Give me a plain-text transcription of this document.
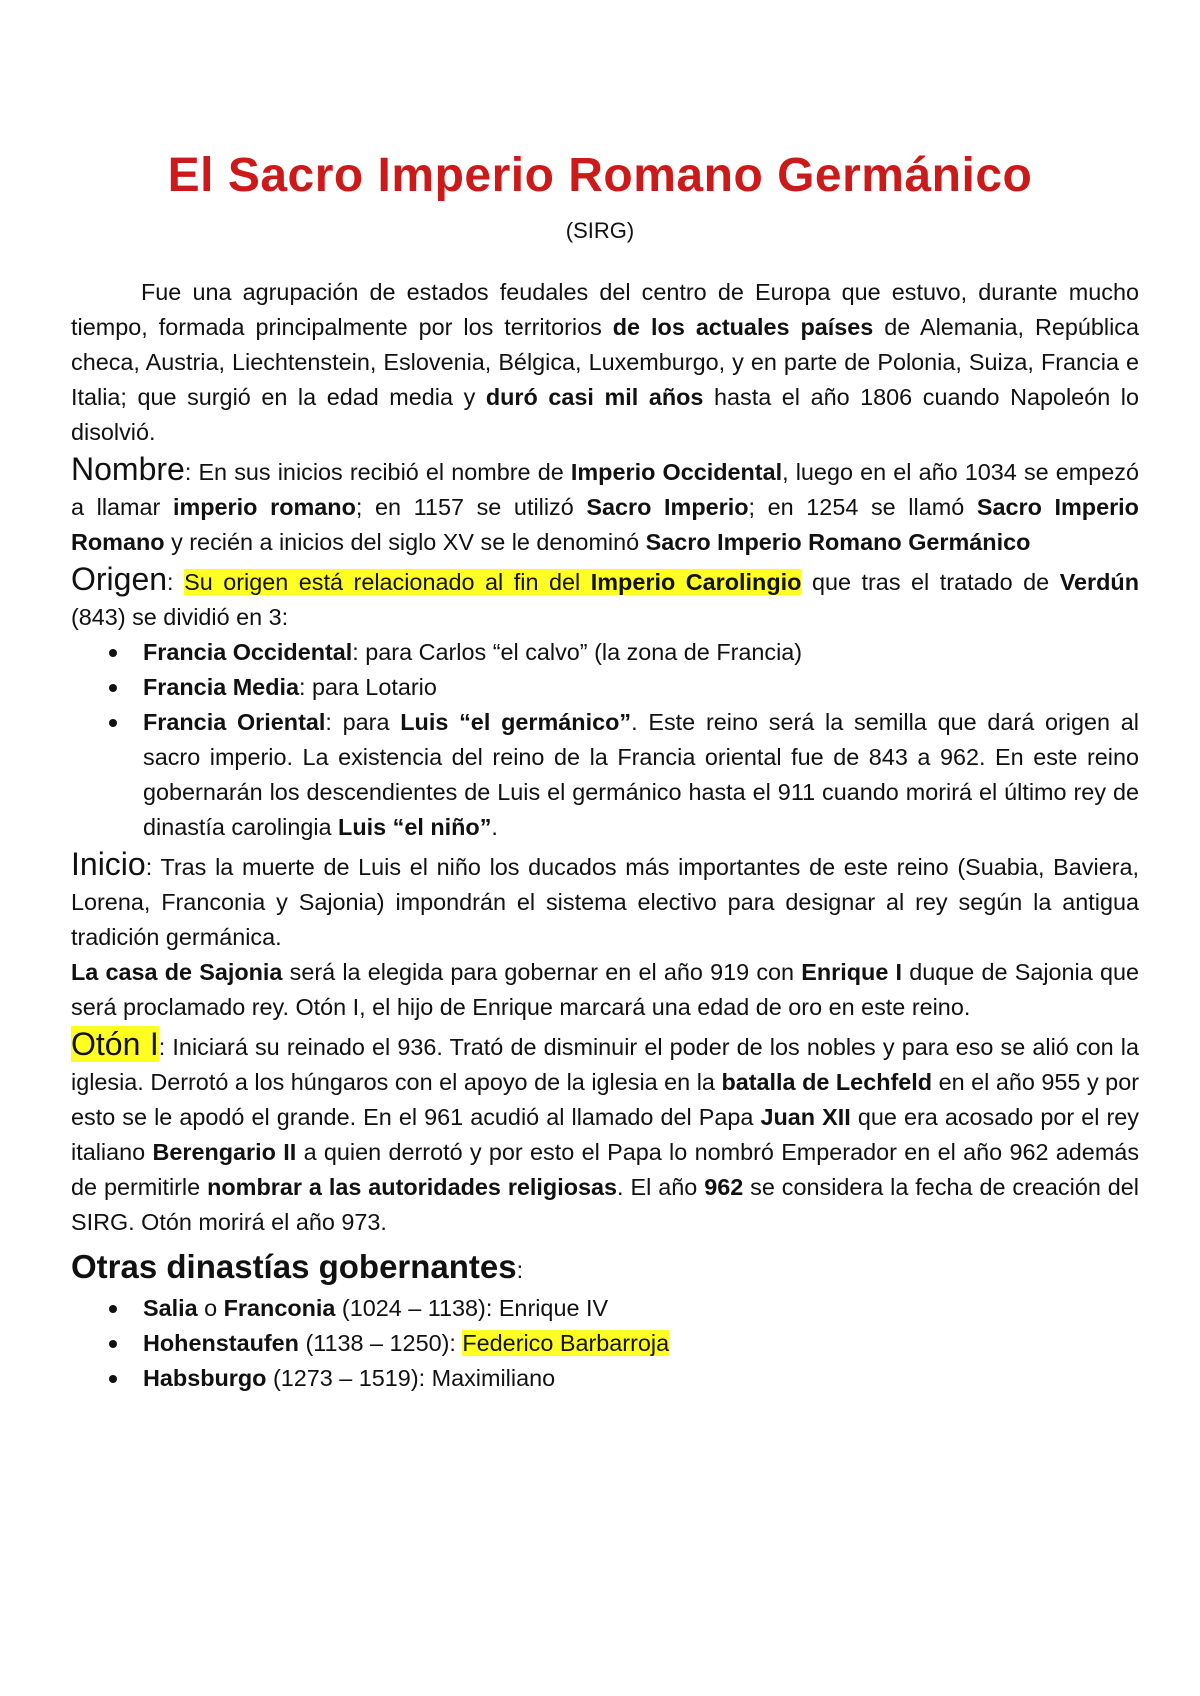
El Sacro Imperio Romano Germánico

(SIRG)

Fue una agrupación de estados feudales del centro de Europa que estuvo, durante mucho tiempo, formada principalmente por los territorios de los actuales países de Alemania, República checa, Austria, Liechtenstein, Eslovenia, Bélgica, Luxemburgo, y en parte de Polonia, Suiza, Francia e Italia; que surgió en la edad media y duró casi mil años hasta el año 1806 cuando Napoleón lo disolvió.

Nombre: En sus inicios recibió el nombre de Imperio Occidental, luego en el año 1034 se empezó a llamar imperio romano; en 1157 se utilizó Sacro Imperio; en 1254 se llamó Sacro Imperio Romano y recién a inicios del siglo XV se le denominó Sacro Imperio Romano Germánico

Origen: Su origen está relacionado al fin del Imperio Carolingio que tras el tratado de Verdún (843) se dividió en 3:

Francia Occidental: para Carlos “el calvo” (la zona de Francia)
Francia Media: para Lotario
Francia Oriental: para Luis “el germánico”. Este reino será la semilla que dará origen al sacro imperio. La existencia del reino de la Francia oriental fue de 843 a 962. En este reino gobernarán los descendientes de Luis el germánico hasta el 911 cuando morirá el último rey de dinastía carolingia Luis “el niño”.

Inicio: Tras la muerte de Luis el niño los ducados más importantes de este reino (Suabia, Baviera, Lorena, Franconia y Sajonia) impondrán el sistema electivo para designar al rey según la antigua tradición germánica.

La casa de Sajonia será la elegida para gobernar en el año 919 con Enrique I duque de Sajonia que será proclamado rey. Otón I, el hijo de Enrique marcará una edad de oro en este reino.

Otón I: Iniciará su reinado el 936. Trató de disminuir el poder de los nobles y para eso se alió con la iglesia. Derrotó a los húngaros con el apoyo de la iglesia en la batalla de Lechfeld en el año 955 y por esto se le apodó el grande. En el 961 acudió al llamado del Papa Juan XII que era acosado por el rey italiano Berengario II a quien derrotó y por esto el Papa lo nombró Emperador en el año 962 además de permitirle nombrar a las autoridades religiosas. El año 962 se considera la fecha de creación del SIRG. Otón morirá el año 973.

Otras dinastías gobernantes:

Salia o Franconia (1024 – 1138): Enrique IV
Hohenstaufen (1138 – 1250): Federico Barbarroja
Habsburgo (1273 – 1519): Maximiliano
